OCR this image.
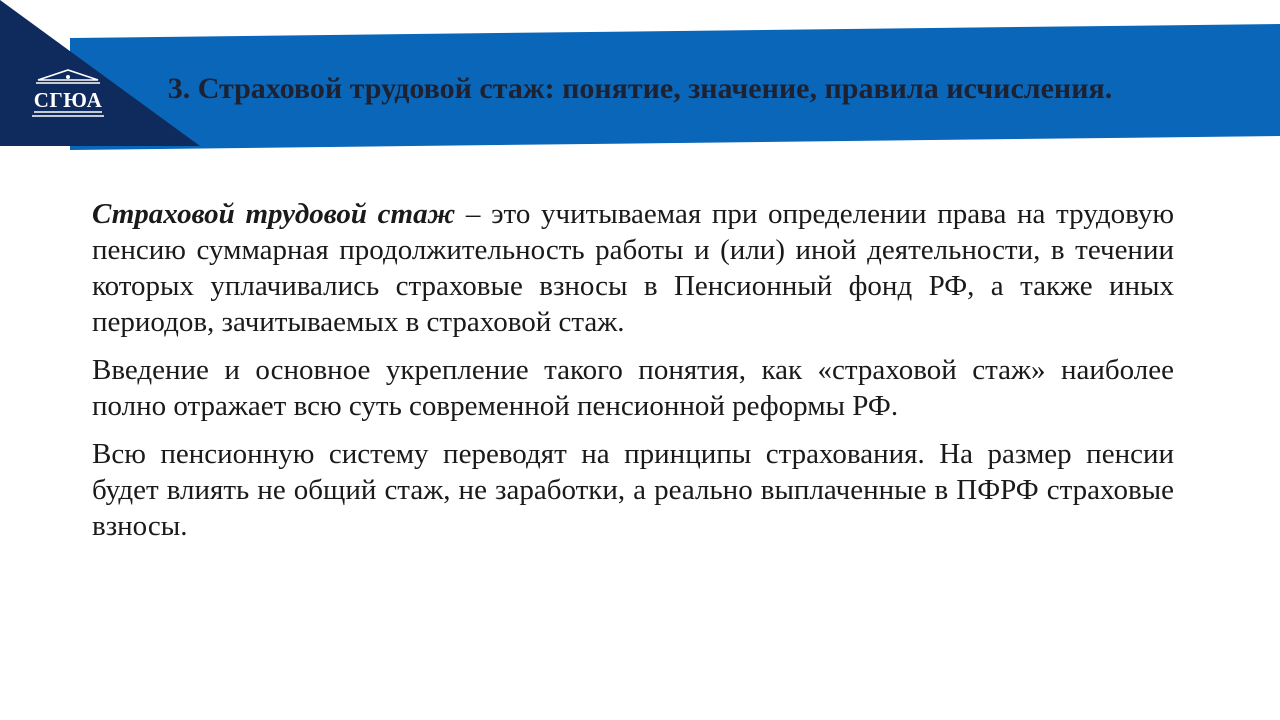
СГЮА	3. Страховой трудовой стаж: понятие, значение, правила исчисления.

Страховой трудовой стаж – это учитываемая при определении права на трудовую пенсию суммарная продолжительность работы и (или) иной деятельности, в течении которых уплачивались страховые взносы в Пенсионный фонд РФ, а также иных периодов, зачитываемых в страховой стаж.

Введение и основное укрепление такого понятия, как «страховой стаж» наиболее полно отражает всю суть современной пенсионной реформы РФ.

Всю пенсионную систему переводят на принципы страхования. На размер пенсии будет влиять не общий стаж, не заработки, а реально выплаченные в ПФРФ страховые взносы.
